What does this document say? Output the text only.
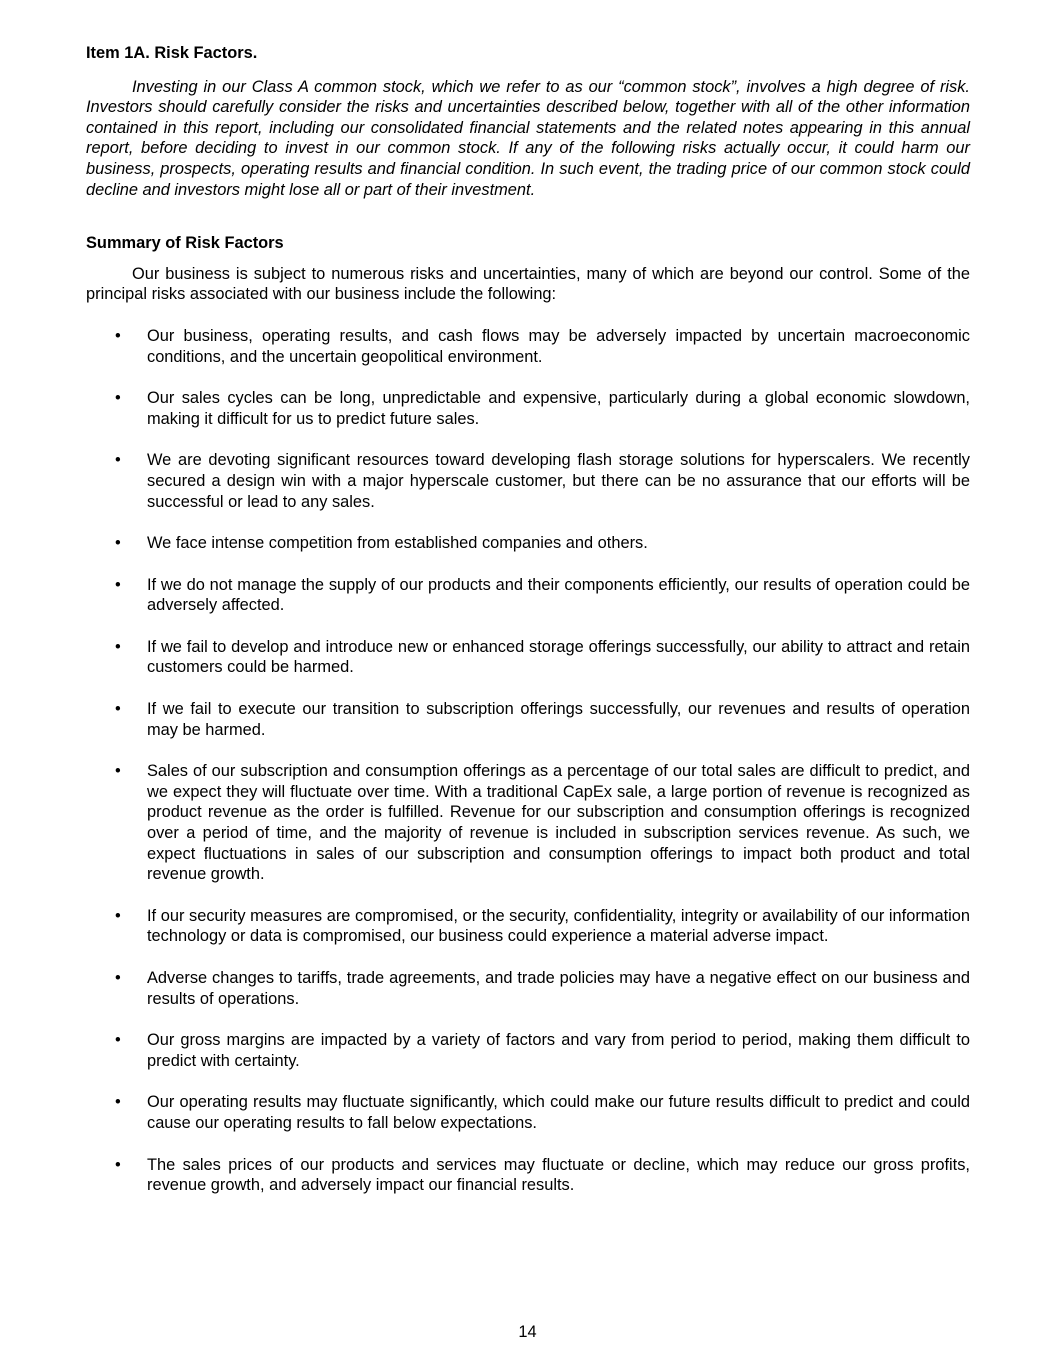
Item 1A. Risk Factors.

Investing in our Class A common stock, which we refer to as our “common stock”, involves a high degree of risk. Investors should carefully consider the risks and uncertainties described below, together with all of the other information contained in this report, including our consolidated financial statements and the related notes appearing in this annual report, before deciding to invest in our common stock. If any of the following risks actually occur, it could harm our business, prospects, operating results and financial condition. In such event, the trading price of our common stock could decline and investors might lose all or part of their investment.

Summary of Risk Factors

Our business is subject to numerous risks and uncertainties, many of which are beyond our control. Some of the principal risks associated with our business include the following:

• Our business, operating results, and cash flows may be adversely impacted by uncertain macroeconomic conditions, and the uncertain geopolitical environment.
• Our sales cycles can be long, unpredictable and expensive, particularly during a global economic slowdown, making it difficult for us to predict future sales.
• We are devoting significant resources toward developing flash storage solutions for hyperscalers. We recently secured a design win with a major hyperscale customer, but there can be no assurance that our efforts will be successful or lead to any sales.
• We face intense competition from established companies and others.
• If we do not manage the supply of our products and their components efficiently, our results of operation could be adversely affected.
• If we fail to develop and introduce new or enhanced storage offerings successfully, our ability to attract and retain customers could be harmed.
• If we fail to execute our transition to subscription offerings successfully, our revenues and results of operation may be harmed.
• Sales of our subscription and consumption offerings as a percentage of our total sales are difficult to predict, and we expect they will fluctuate over time. With a traditional CapEx sale, a large portion of revenue is recognized as product revenue as the order is fulfilled. Revenue for our subscription and consumption offerings is recognized over a period of time, and the majority of revenue is included in subscription services revenue. As such, we expect fluctuations in sales of our subscription and consumption offerings to impact both product and total revenue growth.
• If our security measures are compromised, or the security, confidentiality, integrity or availability of our information technology or data is compromised, our business could experience a material adverse impact.
• Adverse changes to tariffs, trade agreements, and trade policies may have a negative effect on our business and results of operations.
• Our gross margins are impacted by a variety of factors and vary from period to period, making them difficult to predict with certainty.
• Our operating results may fluctuate significantly, which could make our future results difficult to predict and could cause our operating results to fall below expectations.
• The sales prices of our products and services may fluctuate or decline, which may reduce our gross profits, revenue growth, and adversely impact our financial results.
14
